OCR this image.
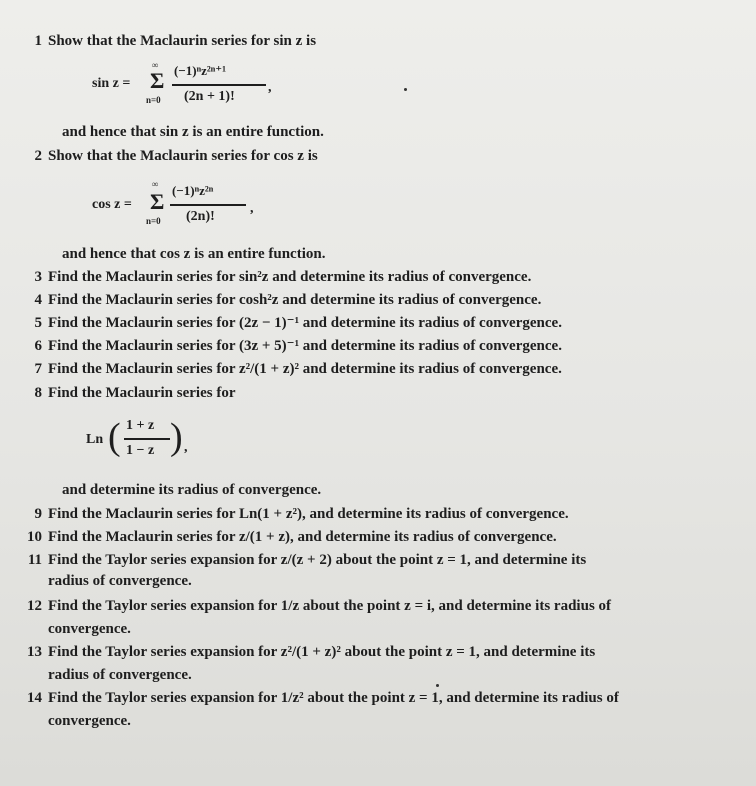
1 Show that the Maclaurin series for sin z is
sin z =
∞
Σ
n=0
(−1)ⁿz²ⁿ⁺¹
(2n + 1)!
,
and hence that sin z is an entire function.
2 Show that the Maclaurin series for cos z is
cos z =
∞
Σ
n=0
(−1)ⁿz²ⁿ
(2n)!
,
and hence that cos z is an entire function.
3 Find the Maclaurin series for sin²z and determine its radius of convergence.
4 Find the Maclaurin series for cosh²z and determine its radius of convergence.
5 Find the Maclaurin series for (2z − 1)⁻¹ and determine its radius of convergence.
6 Find the Maclaurin series for (3z + 5)⁻¹ and determine its radius of convergence.
7 Find the Maclaurin series for z²/(1 + z)² and determine its radius of convergence.
8 Find the Maclaurin series for
Ln ( 1 + z
1 − z ) ,
and determine its radius of convergence.
9 Find the Maclaurin series for Ln(1 + z²), and determine its radius of convergence.
10 Find the Maclaurin series for z/(1 + z), and determine its radius of convergence.
11 Find the Taylor series expansion for z/(z + 2) about the point z = 1, and determine its
radius of convergence.
12 Find the Taylor series expansion for 1/z about the point z = i, and determine its radius of
convergence.
13 Find the Taylor series expansion for z²/(1 + z)² about the point z = 1, and determine its
radius of convergence.
14 Find the Taylor series expansion for 1/z² about the point z = 1, and determine its radius of
convergence.
